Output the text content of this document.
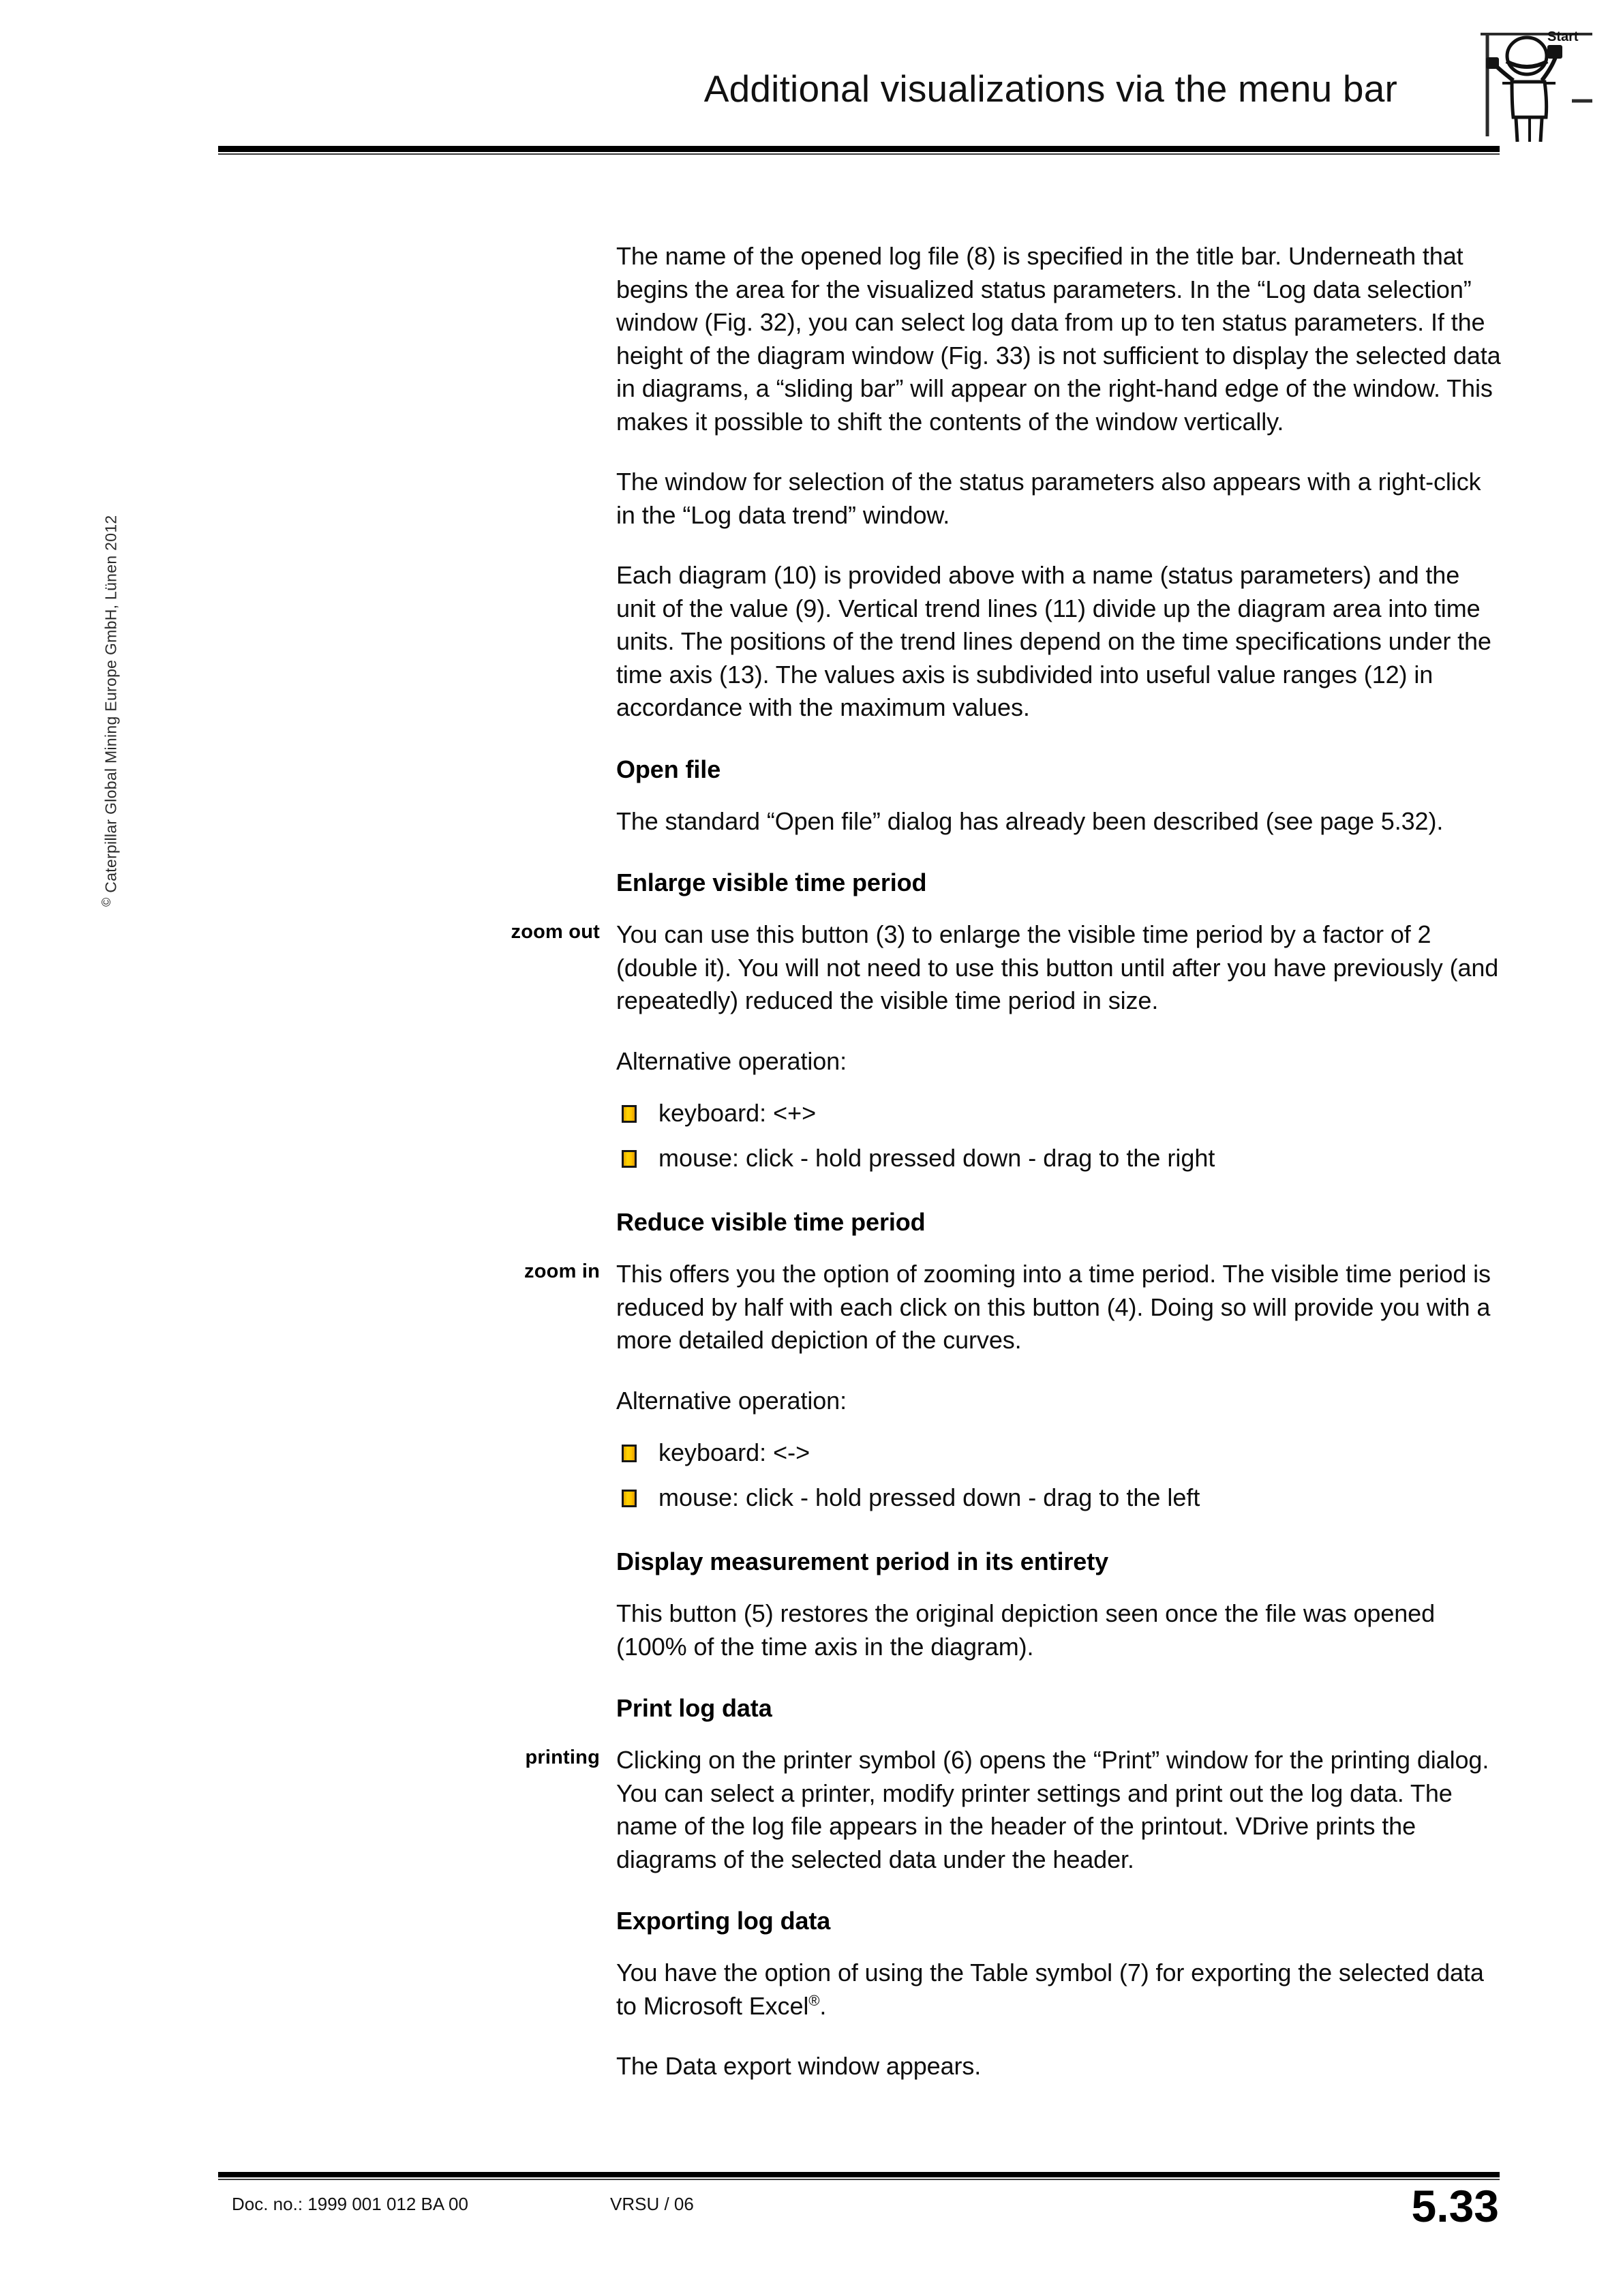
Additional visualizations via the menu bar
Start
© Caterpillar Global Mining Europe GmbH, Lünen 2012

The name of the opened log file (8) is specified in the title bar. Underneath that begins the area for the visualized status parameters. In the “Log data selection” window (Fig. 32), you can select log data from up to ten status parameters. If the height of the diagram window (Fig. 33) is not sufficient to display the selected data in diagrams, a “sliding bar” will appear on the right-hand edge of the window. This makes it possible to shift the contents of the window vertically.

The window for selection of the status parameters also appears with a right-click in the “Log data trend” window.

Each diagram (10) is provided above with a name (status parameters) and the unit of the value (9). Vertical trend lines (11) divide up the diagram area into time units. The positions of the trend lines depend on the time specifications under the time axis (13). The values axis is subdivided into useful value ranges (12) in accordance with the maximum values.

Open file

The standard “Open file” dialog has already been described (see page 5.32).

Enlarge visible time period
zoom out You can use this button (3) to enlarge the visible time period by a factor of 2 (double it). You will not need to use this button until after you have previously (and repeatedly) reduced the visible time period in size.

Alternative operation:

keyboard: <+>
mouse: click - hold pressed down - drag to the right
Reduce visible time period
zoom in This offers you the option of zooming into a time period. The visible time period is reduced by half with each click on this button (4). Doing so will provide you with a more detailed depiction of the curves.

Alternative operation:

keyboard: <->
mouse: click - hold pressed down - drag to the left
Display measurement period in its entirety

This button (5) restores the original depiction seen once the file was opened (100% of the time axis in the diagram).

Print log data
printing Clicking on the printer symbol (6) opens the “Print” window for the printing dialog. You can select a printer, modify printer settings and print out the log data. The name of the log file appears in the header of the printout. VDrive prints the diagrams of the selected data under the header.

Exporting log data

You have the option of using the Table symbol (7) for exporting the selected data to Microsoft Excel®.

The Data export window appears.

Doc. no.: 1999 001 012 BA 00	VRSU / 06	5.33
